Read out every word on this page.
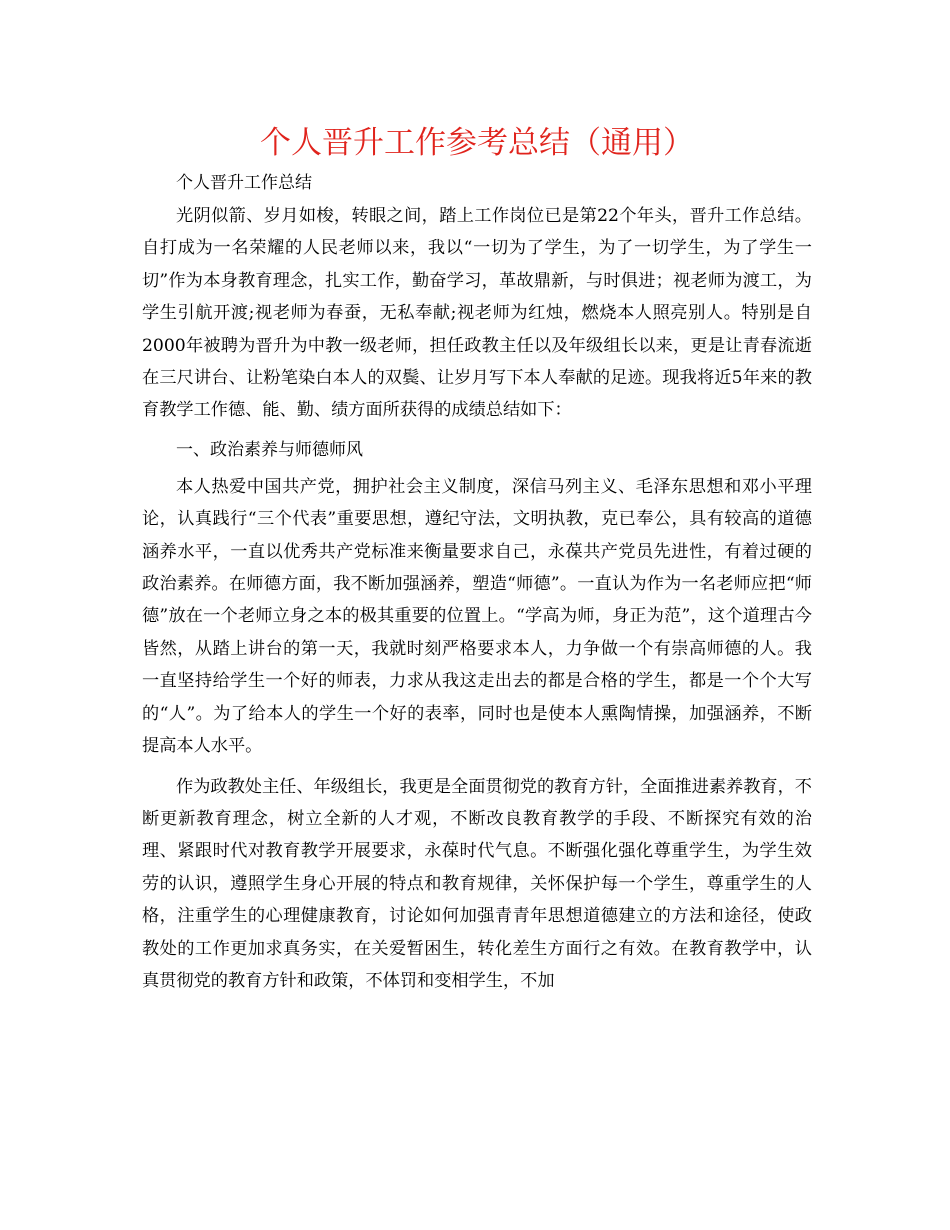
个人晋升工作参考总结（通用）
个人晋升工作总结

光阴似箭、岁月如梭，转眼之间，踏上工作岗位已是第22个年头，晋升工作总结。自打成为一名荣耀的人民老师以来，我以“一切为了学生，为了一切学生，为了学生一切”作为本身教育理念，扎实工作，勤奋学习，革故鼎新，与时俱进；视老师为渡工，为学生引航开渡;视老师为春蚕，无私奉献;视老师为红烛，燃烧本人照亮别人。特别是自2000年被聘为晋升为中教一级老师，担任政教主任以及年级组长以来，更是让青春流逝在三尺讲台、让粉笔染白本人的双鬓、让岁月写下本人奉献的足迹。现我将近5年来的教育教学工作德、能、勤、绩方面所获得的成绩总结如下：

一、政治素养与师德师风

本人热爱中国共产党，拥护社会主义制度，深信马列主义、毛泽东思想和邓小平理论，认真践行“三个代表”重要思想，遵纪守法，文明执教，克已奉公，具有较高的道德涵养水平，一直以优秀共产党标准来衡量要求自己，永葆共产党员先进性，有着过硬的政治素养。在师德方面，我不断加强涵养，塑造“师德”。一直认为作为一名老师应把“师德”放在一个老师立身之本的极其重要的位置上。“学高为师，身正为范”，这个道理古今皆然，从踏上讲台的第一天，我就时刻严格要求本人，力争做一个有崇高师德的人。我一直坚持给学生一个好的师表，力求从我这走出去的都是合格的学生，都是一个个大写的“人”。为了给本人的学生一个好的表率，同时也是使本人熏陶情操，加强涵养，不断提高本人水平。

作为政教处主任、年级组长，我更是全面贯彻党的教育方针，全面推进素养教育，不断更新教育理念，树立全新的人才观，不断改良教育教学的手段、不断探究有效的治理、紧跟时代对教育教学开展要求，永葆时代气息。不断强化强化尊重学生，为学生效劳的认识，遵照学生身心开展的特点和教育规律，关怀保护每一个学生，尊重学生的人格，注重学生的心理健康教育，讨论如何加强青青年思想道德建立的方法和途径，使政教处的工作更加求真务实，在关爱暂困生，转化差生方面行之有效。在教育教学中，认真贯彻党的教育方针和政策，不体罚和变相学生，不加
